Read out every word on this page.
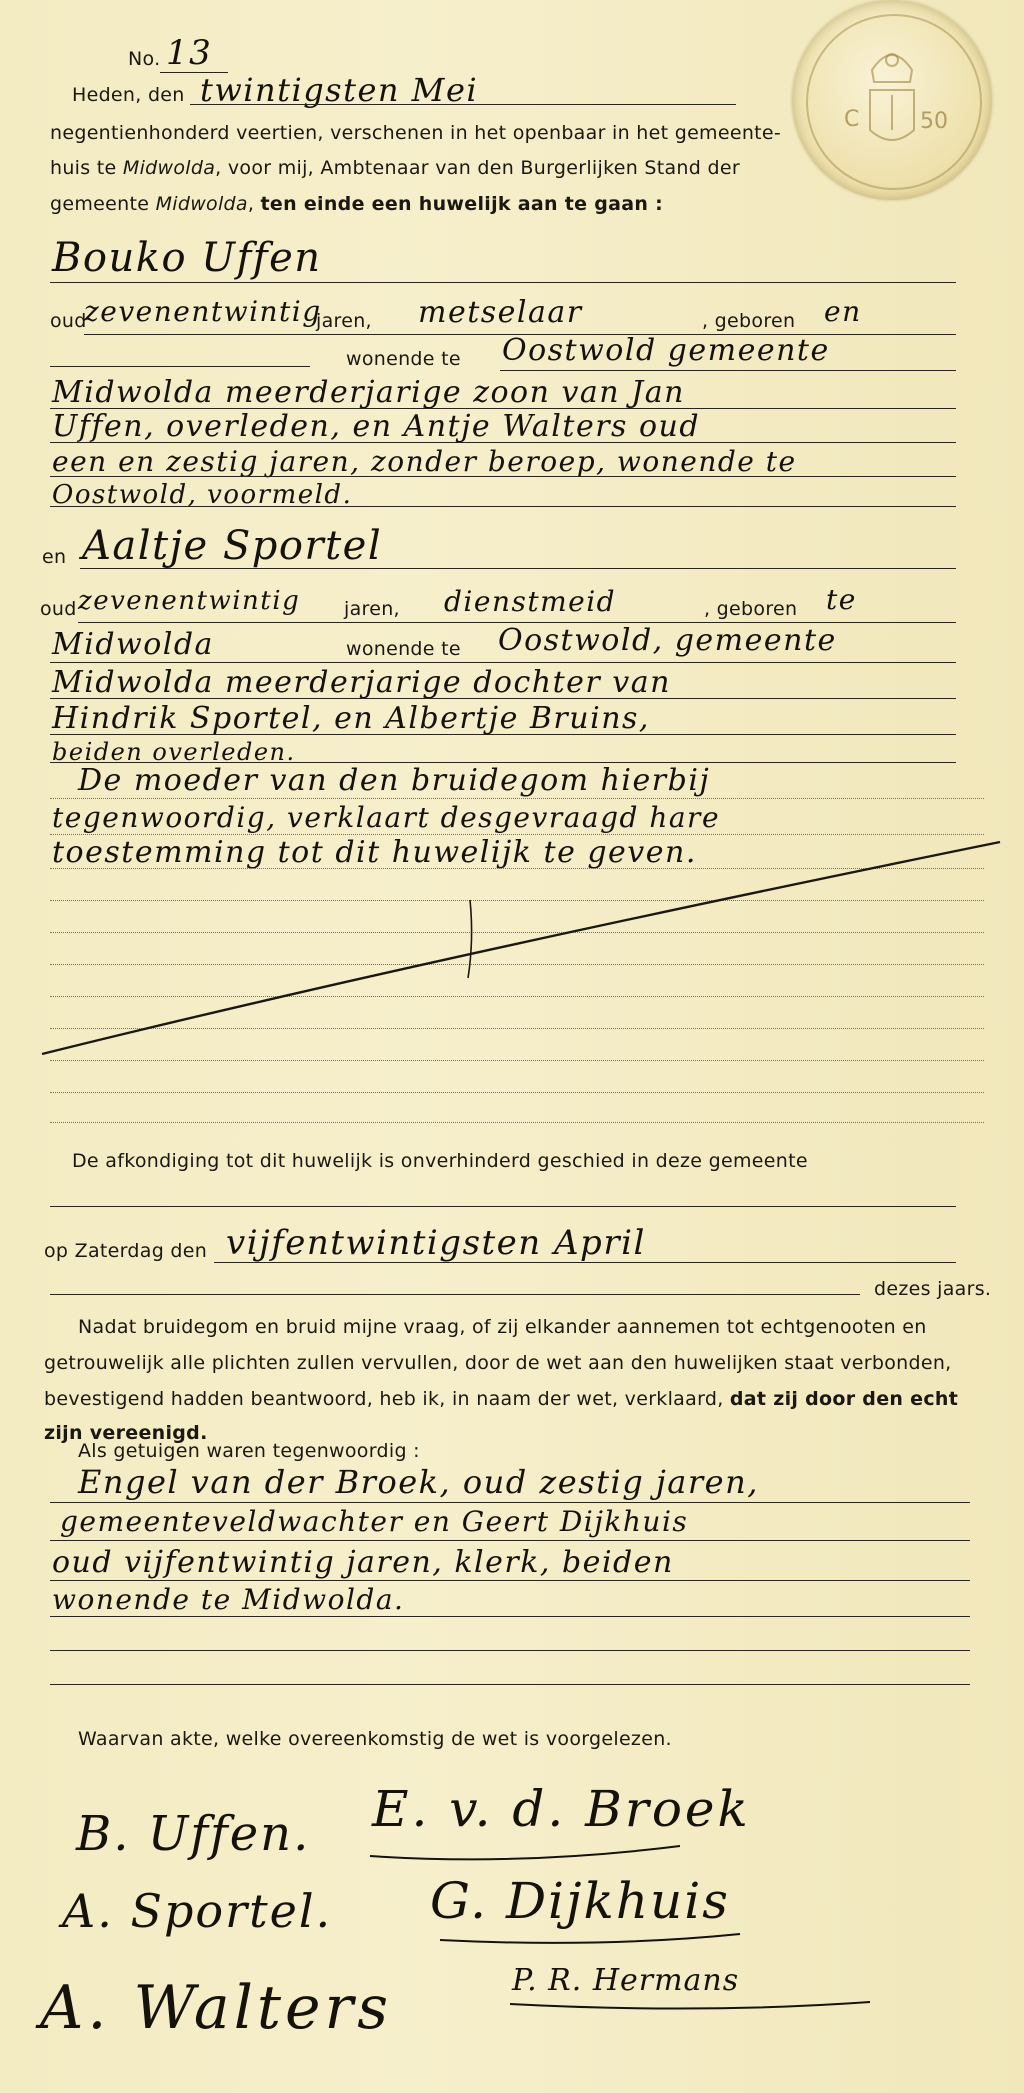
C	50
No. 13
Heden, den twintigsten Mei
negentienhonderd veertien, verschenen in het openbaar in het gemeente-
huis te Midwolda, voor mij, Ambtenaar van den Burgerlijken Stand der
gemeente Midwolda, ten einde een huwelijk aan te gaan :
Bouko Uffen
oud
zevenentwintig
jaren, metselaar	, geboren en
wonende te Oostwold gemeente
Midwolda meerderjarige zoon van Jan
Uffen, overleden, en Antje Walters oud
een en zestig jaren, zonder beroep, wonende te
Oostwold, voormeld.
en Aaltje Sportel
oud zevenentwintig jaren, dienstmeid	, geboren te
Midwolda	wonende te Oostwold, gemeente
Midwolda meerderjarige dochter van
Hindrik Sportel, en Albertje Bruins,
beiden overleden.
De moeder van den bruidegom hierbij
tegenwoordig, verklaart desgevraagd hare
toestemming tot dit huwelijk te geven.
De afkondiging tot dit huwelijk is onverhinderd geschied in deze gemeente
op Zaterdag den vijfentwintigsten April
dezes jaars.
Nadat bruidegom en bruid mijne vraag, of zij elkander aannemen tot echtgenooten en
getrouwelijk alle plichten zullen vervullen, door de wet aan den huwelijken staat verbonden,
bevestigend hadden beantwoord, heb ik, in naam der wet, verklaard, dat zij door den echt
zijn vereenigd.
Als getuigen waren tegenwoordig :
Engel van der Broek, oud zestig jaren,
gemeenteveldwachter en Geert Dijkhuis
oud vijfentwintig jaren, klerk, beiden
wonende te Midwolda.
Waarvan akte, welke overeenkomstig de wet is voorgelezen.
B. Uffen. E. v. d. Broek
A. Sportel. G. Dijkhuis
A. Walters	P. R. Hermans
